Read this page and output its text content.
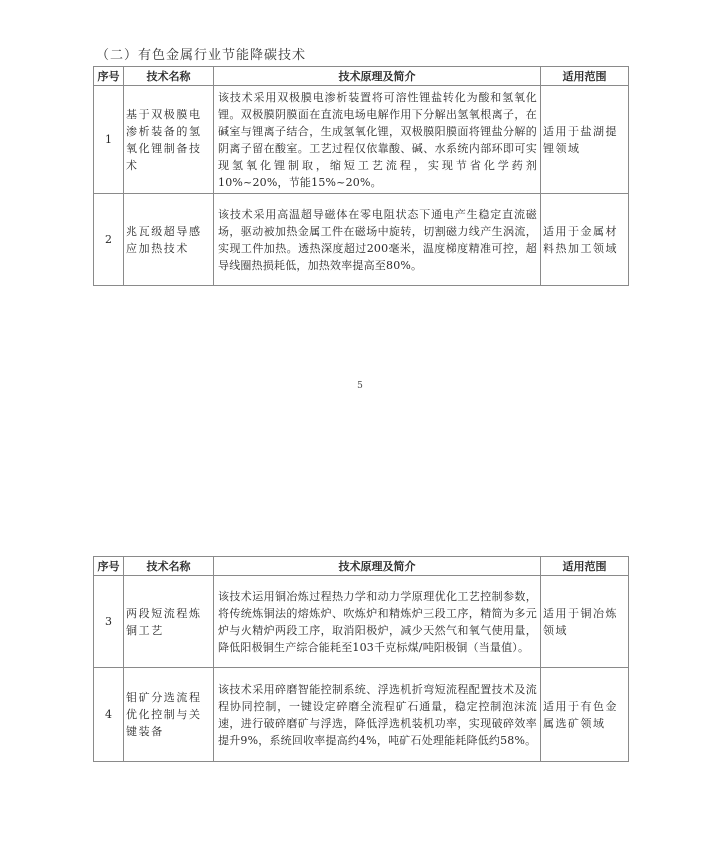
（二）有色金属行业节能降碳技术
序号	技术名称	技术原理及简介	适用范围
1	基于双极膜电渗析装备的氢氧化锂制备技术	该技术采用双极膜电渗析装置将可溶性锂盐转化为酸和氢氧化锂。双极膜阴膜面在直流电场电解作用下分解出氢氧根离子，在碱室与锂离子结合，生成氢氧化锂，双极膜阳膜面将锂盐分解的阴离子留在酸室。工艺过程仅依靠酸、碱、水系统内部环即可实现氢氧化锂制取，缩短工艺流程，实现节省化学药剂10%~20%，节能15%~20%。	适用于盐湖提锂领域
2	兆瓦级超导感应加热技术	该技术采用高温超导磁体在零电阻状态下通电产生稳定直流磁场，驱动被加热金属工件在磁场中旋转，切割磁力线产生涡流，实现工件加热。透热深度超过200毫米，温度梯度精准可控，超导线圈热损耗低，加热效率提高至80%。	适用于金属材料热加工领域
5
序号	技术名称	技术原理及简介	适用范围
3	两段短流程炼铜工艺	该技术运用铜冶炼过程热力学和动力学原理优化工艺控制参数，将传统炼铜法的熔炼炉、吹炼炉和精炼炉三段工序，精简为多元炉与火精炉两段工序，取消阳极炉，减少天然气和氧气使用量，降低阳极铜生产综合能耗至103千克标煤/吨阳极铜（当量值）。	适用于铜冶炼领域
4	钼矿分选流程优化控制与关键装备	该技术采用碎磨智能控制系统、浮选机折弯短流程配置技术及流程协同控制，一键设定碎磨全流程矿石通量，稳定控制泡沫流速，进行破碎磨矿与浮选，降低浮选机装机功率，实现破碎效率提升9%，系统回收率提高约4%，吨矿石处理能耗降低约58%。	适用于有色金属选矿领域
